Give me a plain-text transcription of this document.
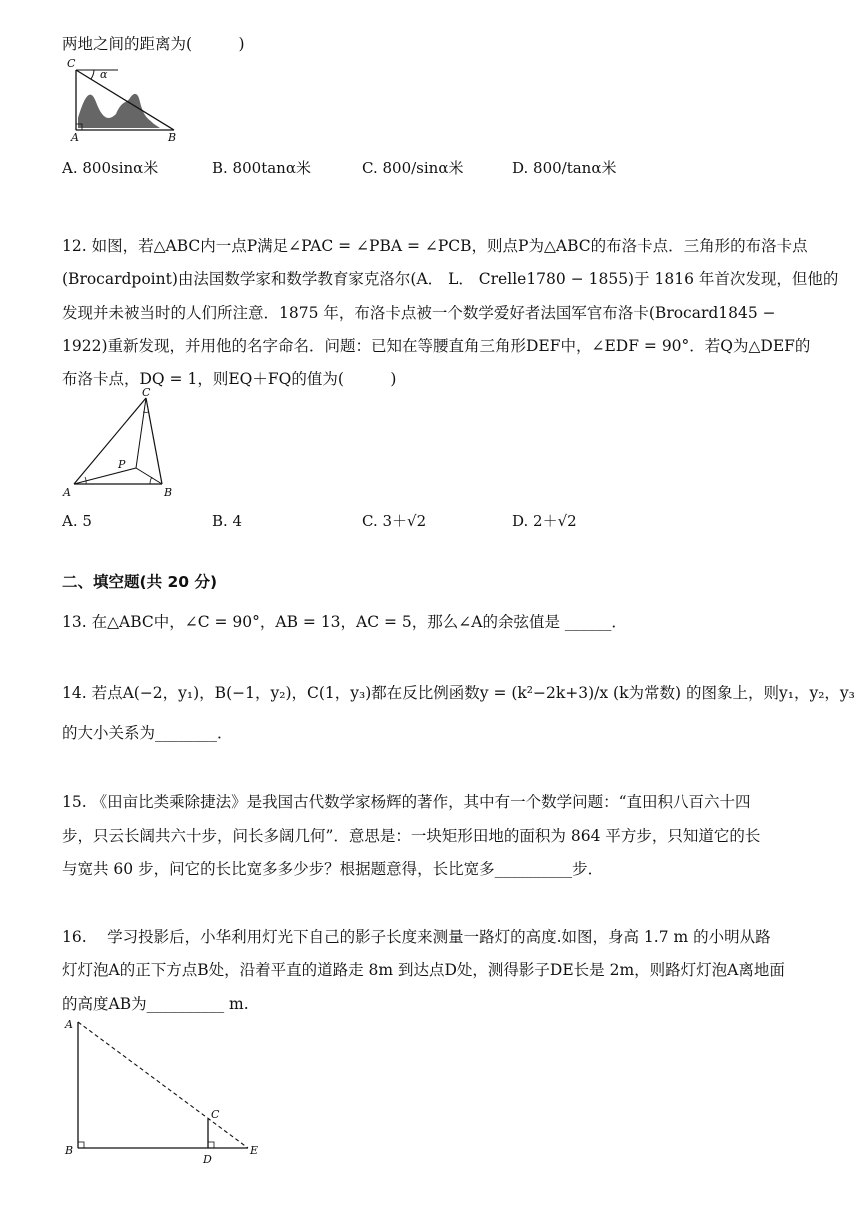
两地之间的距离为(　　　)
C
α
A	B
A. 800sinα米	B. 800tanα米	C. 800/sinα米	D. 800/tanα米
12. 如图，若△ABC内一点P满足∠PAC = ∠PBA = ∠PCB，则点P为△ABC的布洛卡点．三角形的布洛卡点
(Brocardpoint)由法国数学家和数学教育家克洛尔(A． L． Crelle1780 − 1855)于 1816 年首次发现，但他的
发现并未被当时的人们所注意．1875 年，布洛卡点被一个数学爱好者法国军官布洛卡(Brocard1845 −
1922)重新发现，并用他的名字命名．问题：已知在等腰直角三角形DEF中，∠EDF = 90°．若Q为△DEF的
布洛卡点，DQ = 1，则EQ＋FQ的值为(　　　)
C
P
A	B
A. 5	B. 4	C. 3＋√2	D. 2＋√2
二、填空题(共 20 分)
13. 在△ABC中，∠C = 90°，AB = 13，AC = 5，那么∠A的余弦值是 ______．
14. 若点A(−2，y₁)，B(−1，y₂)，C(1，y₃)都在反比例函数y = (k²−2k+3)/x (k为常数) 的图象上，则y₁，y₂，y₃
的大小关系为________．
15. 《田亩比类乘除捷法》是我国古代数学家杨辉的著作，其中有一个数学问题：“直田积八百六十四
步，只云长阔共六十步，问长多阔几何”．意思是：一块矩形田地的面积为 864 平方步，只知道它的长
与宽共 60 步，问它的长比宽多多少步？根据题意得，长比宽多__________步．
16.　 学习投影后，小华利用灯光下自己的影子长度来测量一路灯的高度.如图，身高 1.7 m 的小明从路
灯灯泡A的正下方点B处，沿着平直的道路走 8m 到达点D处，测得影子DE长是 2m，则路灯灯泡A离地面
的高度AB为__________ m.
A
B
C
D
E
